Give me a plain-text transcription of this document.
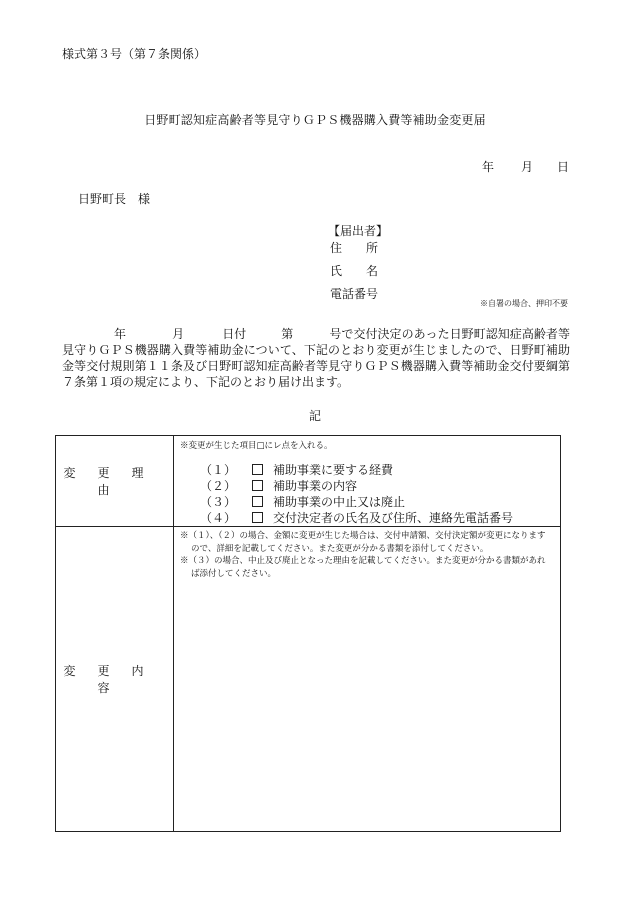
様式第３号（第７条関係）
日野町認知症高齢者等見守りＧＰＳ機器購入費等補助金変更届
年 月 日
日野町長　様
【届出者】
住　　所
氏　　名
電話番号
※自署の場合、押印不要
年	月	日付	第	号で交付決定のあった日野町認知症高齢者等見守りＧＰＳ機器購入費等補助金について、下記のとおり変更が生じましたので、日野町補助金等交付規則第１１条及び日野町認知症高齢者等見守りＧＰＳ機器購入費等補助金交付要綱第７条第１項の規定により、下記のとおり届け出ます。
記
変更理由	※変更が生じた項目□にレ点を入れる。
（１） 補助事業に要する経費
（２） 補助事業の内容
（３） 補助事業の中止又は廃止
（４） 交付決定者の氏名及び住所、連絡先電話番号

変更内容	※（１）、（２）の場合、金額に変更が生じた場合は、交付申請額、交付決定額が変更になりますので、詳細を記載してください。また変更が分かる書類を添付してください。

※（３）の場合、中止及び廃止となった理由を記載してください。また変更が分かる書類があれば添付してください。
